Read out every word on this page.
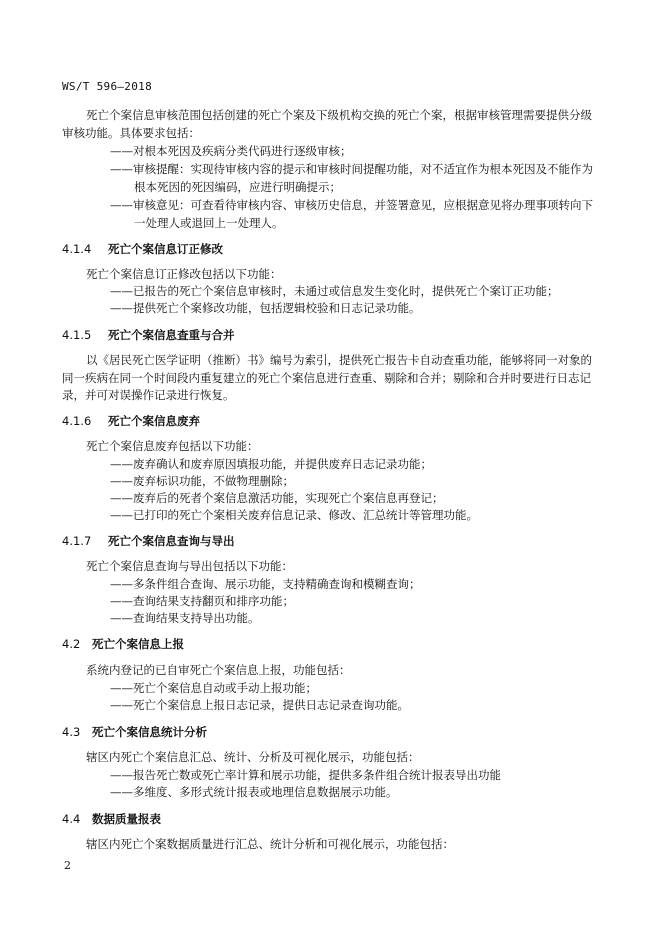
WS/T 596—2018
死亡个案信息审核范围包括创建的死亡个案及下级机构交换的死亡个案，根据审核管理需要提供分级
审核功能。具体要求包括：
——对根本死因及疾病分类代码进行逐级审核；
——审核提醒：实现待审核内容的提示和审核时间提醒功能，对不适宜作为根本死因及不能作为
根本死因的死因编码，应进行明确提示；
——审核意见：可查看待审核内容、审核历史信息，并签署意见，应根据意见将办理事项转向下
一处理人或退回上一处理人。
4.1.4 死亡个案信息订正修改
死亡个案信息订正修改包括以下功能：
——已报告的死亡个案信息审核时，未通过或信息发生变化时，提供死亡个案订正功能；
——提供死亡个案修改功能，包括逻辑校验和日志记录功能。
4.1.5 死亡个案信息查重与合并
以《居民死亡医学证明（推断）书》编号为索引，提供死亡报告卡自动查重功能，能够将同一对象的
同一疾病在同一个时间段内重复建立的死亡个案信息进行查重、剔除和合并；剔除和合并时要进行日志记
录，并可对误操作记录进行恢复。
4.1.6 死亡个案信息废弃
死亡个案信息废弃包括以下功能：
——废弃确认和废弃原因填报功能，并提供废弃日志记录功能；
——废弃标识功能，不做物理删除；
——废弃后的死者个案信息激活功能，实现死亡个案信息再登记；
——已打印的死亡个案相关废弃信息记录、修改、汇总统计等管理功能。
4.1.7 死亡个案信息查询与导出
死亡个案信息查询与导出包括以下功能：
——多条件组合查询、展示功能，支持精确查询和模糊查询；
——查询结果支持翻页和排序功能；
——查询结果支持导出功能。
4.2 死亡个案信息上报
系统内登记的已自审死亡个案信息上报，功能包括：
——死亡个案信息自动或手动上报功能；
——死亡个案信息上报日志记录，提供日志记录查询功能。
4.3 死亡个案信息统计分析
辖区内死亡个案信息汇总、统计、分析及可视化展示，功能包括：
——报告死亡数或死亡率计算和展示功能，提供多条件组合统计报表导出功能
——多维度、多形式统计报表或地理信息数据展示功能。
4.4 数据质量报表
辖区内死亡个案数据质量进行汇总、统计分析和可视化展示，功能包括：
2
